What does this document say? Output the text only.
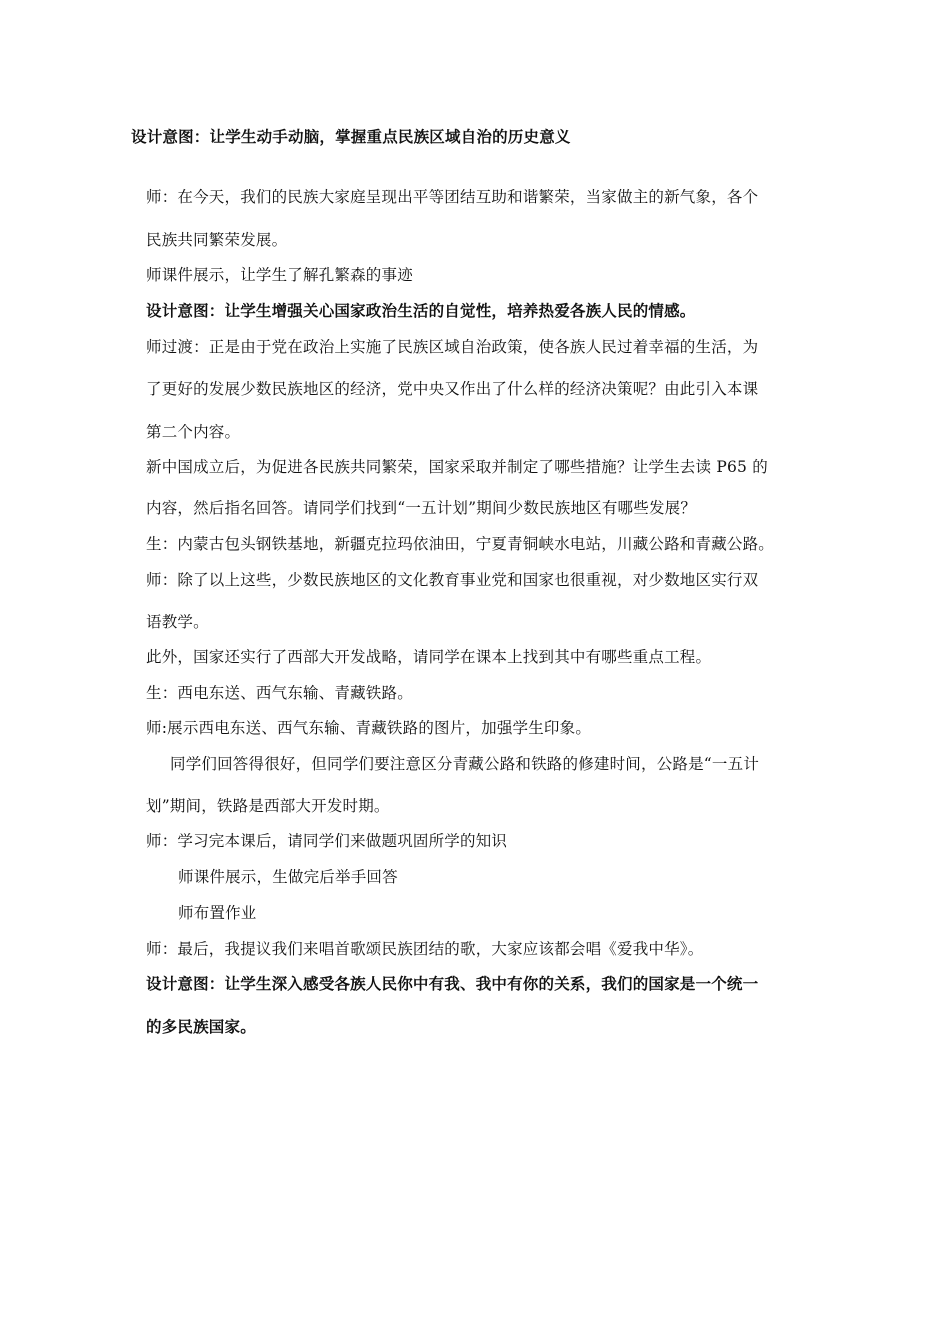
设计意图：让学生动手动脑，掌握重点民族区域自治的历史意义
师：在今天，我们的民族大家庭呈现出平等团结互助和谐繁荣，当家做主的新气象，各个
民族共同繁荣发展。
师课件展示，让学生了解孔繁森的事迹
设计意图：让学生增强关心国家政治生活的自觉性，培养热爱各族人民的情感。
师过渡：正是由于党在政治上实施了民族区域自治政策，使各族人民过着幸福的生活，为
了更好的发展少数民族地区的经济，党中央又作出了什么样的经济决策呢？由此引入本课
第二个内容。
新中国成立后，为促进各民族共同繁荣，国家采取并制定了哪些措施？让学生去读 P65 的
内容，然后指名回答。请同学们找到“一五计划”期间少数民族地区有哪些发展？
生：内蒙古包头钢铁基地，新疆克拉玛依油田，宁夏青铜峡水电站，川藏公路和青藏公路。
师：除了以上这些，少数民族地区的文化教育事业党和国家也很重视，对少数地区实行双
语教学。
此外，国家还实行了西部大开发战略，请同学在课本上找到其中有哪些重点工程。
生：西电东送、西气东输、青藏铁路。
师:展示西电东送、西气东输、青藏铁路的图片，加强学生印象。
同学们回答得很好，但同学们要注意区分青藏公路和铁路的修建时间，公路是“一五计
划”期间，铁路是西部大开发时期。
师：学习完本课后，请同学们来做题巩固所学的知识
师课件展示，生做完后举手回答
师布置作业
师：最后，我提议我们来唱首歌颂民族团结的歌，大家应该都会唱《爱我中华》。
设计意图：让学生深入感受各族人民你中有我、我中有你的关系，我们的国家是一个统一
的多民族国家。
